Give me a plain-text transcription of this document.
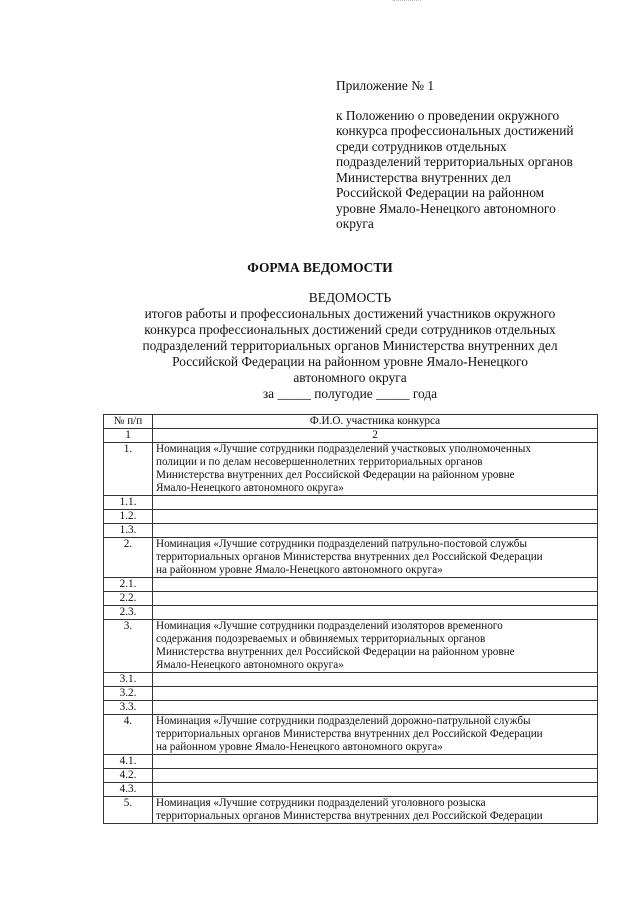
Приложение № 1
к Положению о проведении окружного
конкурса профессиональных достижений
среди сотрудников отдельных
подразделений территориальных органов
Министерства внутренних дел
Российской Федерации на районном
уровне Ямало-Ненецкого автономного
округа
ФОРМА ВЕДОМОСТИ
ВЕДОМОСТЬ
итогов работы и профессиональных достижений участников окружного
конкурса профессиональных достижений среди сотрудников отдельных
подразделений территориальных органов Министерства внутренних дел
Российской Федерации на районном уровне Ямало-Ненецкого
автономного округа
за _____ полугодие _____ года
№ п/п	Ф.И.О. участника конкурса
1	2
1.	Номинация «Лучшие сотрудники подразделений участковых уполномоченных
полиции и по делам несовершеннолетних территориальных органов
Министерства внутренних дел Российской Федерации на районном уровне
Ямало-Ненецкого автономного округа»

1.1.	
1.2.	
1.3.	
2.	Номинация «Лучшие сотрудники подразделений патрульно-постовой службы
территориальных органов Министерства внутренних дел Российской Федерации
на районном уровне Ямало-Ненецкого автономного округа»

2.1.	
2.2.	
2.3.	
3.	Номинация «Лучшие сотрудники подразделений изоляторов временного
содержания подозреваемых и обвиняемых территориальных органов
Министерства внутренних дел Российской Федерации на районном уровне
Ямало-Ненецкого автономного округа»

3.1.	
3.2.	
3.3.	
4.	Номинация «Лучшие сотрудники подразделений дорожно-патрульной службы
территориальных органов Министерства внутренних дел Российской Федерации
на районном уровне Ямало-Ненецкого автономного округа»

4.1.	
4.2.	
4.3.	
5.	Номинация «Лучшие сотрудники подразделений уголовного розыска
территориальных органов Министерства внутренних дел Российской Федерации
